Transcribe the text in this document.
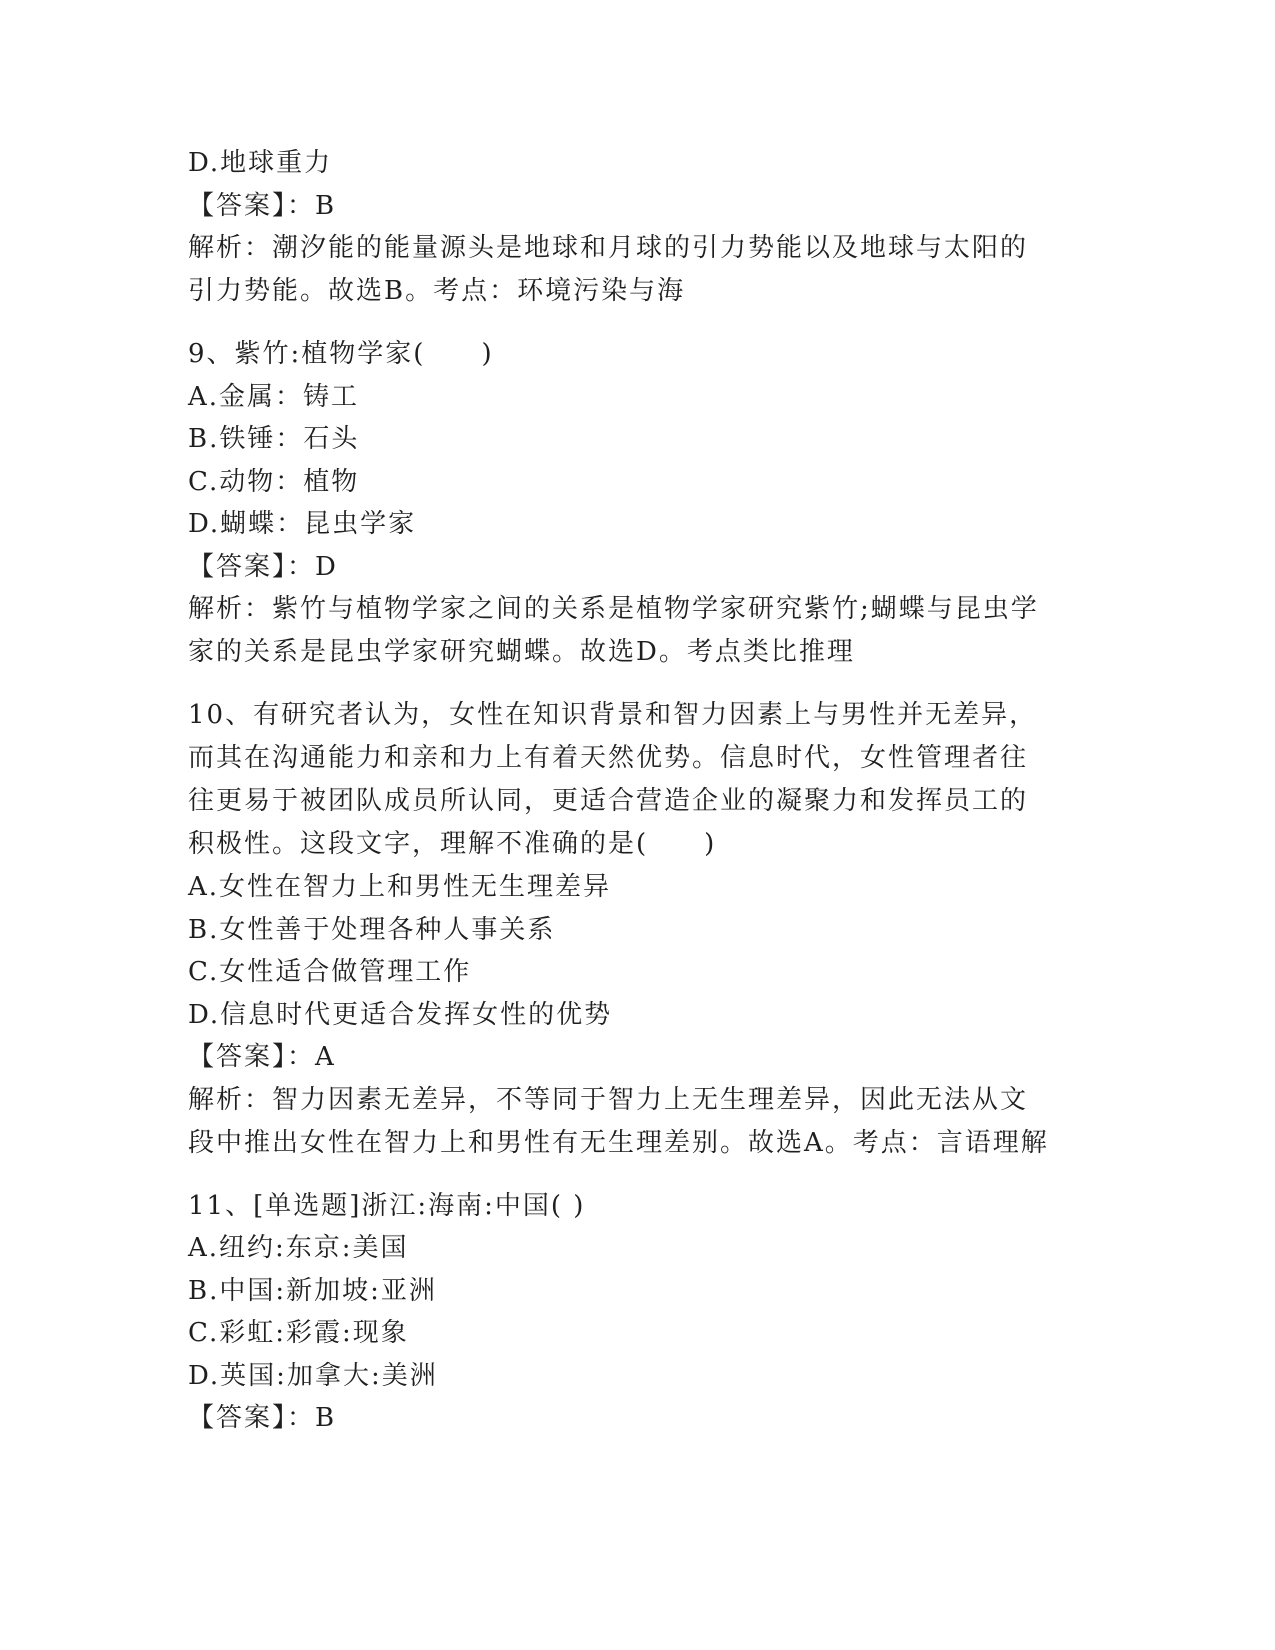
D.地球重力
【答案】：B
解析：潮汐能的能量源头是地球和月球的引力势能以及地球与太阳的
引力势能。故选B。考点：环境污染与海
9、紫竹:植物学家(　　)
A.金属：铸工
B.铁锤：石头
C.动物：植物
D.蝴蝶：昆虫学家
【答案】：D
解析：紫竹与植物学家之间的关系是植物学家研究紫竹;蝴蝶与昆虫学
家的关系是昆虫学家研究蝴蝶。故选D。考点类比推理
10、有研究者认为，女性在知识背景和智力因素上与男性并无差异，
而其在沟通能力和亲和力上有着天然优势。信息时代，女性管理者往
往更易于被团队成员所认同，更适合营造企业的凝聚力和发挥员工的
积极性。这段文字，理解不准确的是(　　)
A.女性在智力上和男性无生理差异
B.女性善于处理各种人事关系
C.女性适合做管理工作
D.信息时代更适合发挥女性的优势
【答案】：A
解析：智力因素无差异，不等同于智力上无生理差异，因此无法从文
段中推出女性在智力上和男性有无生理差别。故选A。考点：言语理解
11、[单选题]浙江:海南:中国( )
A.纽约:东京:美国
B.中国:新加坡:亚洲
C.彩虹:彩霞:现象
D.英国:加拿大:美洲
【答案】：B
